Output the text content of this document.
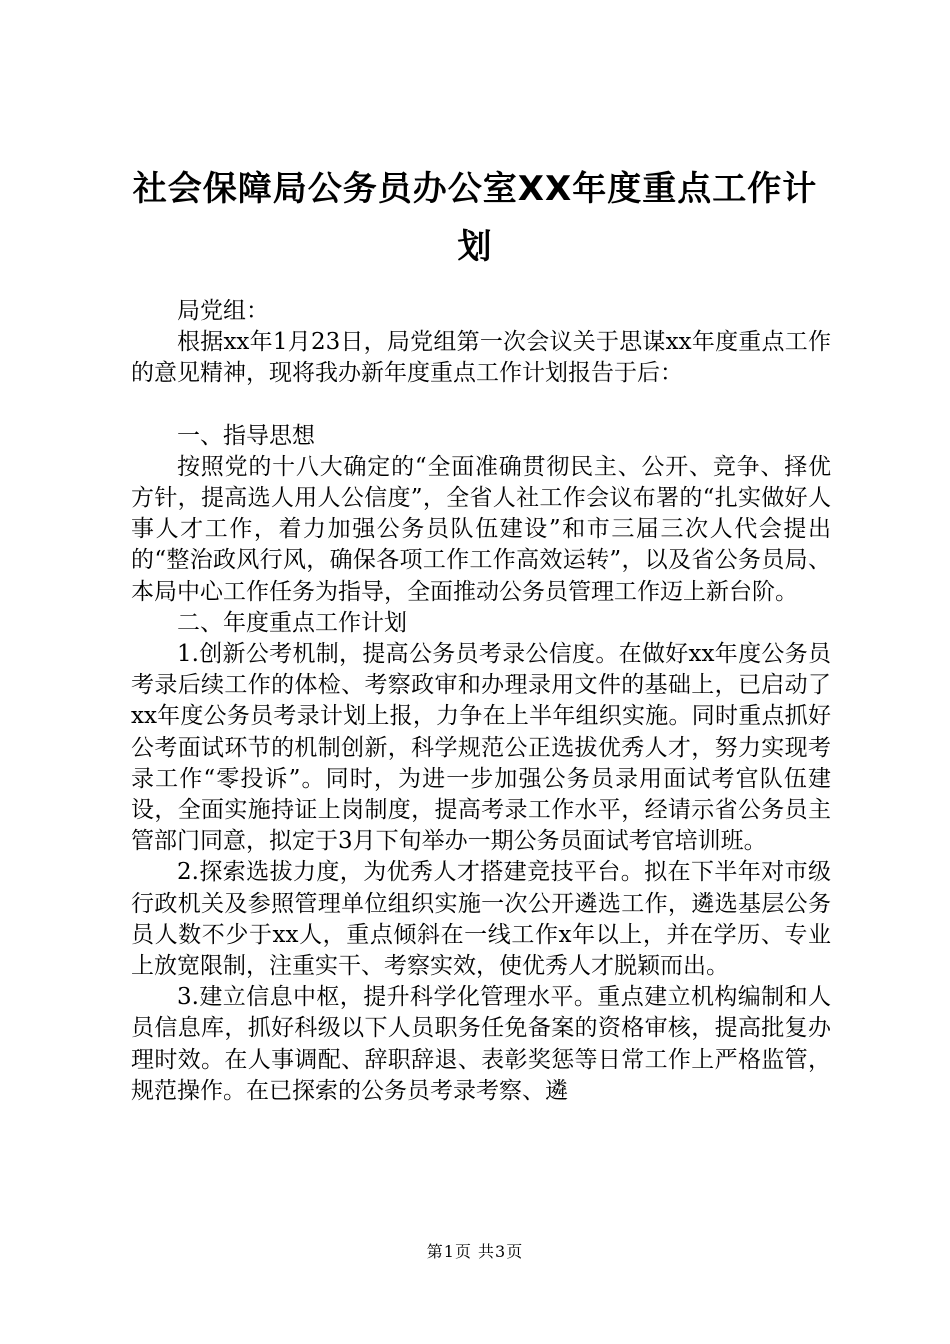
社会保障局公务员办公室XX年度重点工作计划

局党组：

根据xx年1月23日，局党组第一次会议关于思谋xx年度重点工作的意见精神，现将我办新年度重点工作计划报告于后：

一、指导思想

按照党的十八大确定的“全面准确贯彻民主、公开、竞争、择优方针，提高选人用人公信度”，全省人社工作会议布署的“扎实做好人事人才工作，着力加强公务员队伍建设”和市三届三次人代会提出的“整治政风行风，确保各项工作工作高效运转”，以及省公务员局、本局中心工作任务为指导，全面推动公务员管理工作迈上新台阶。

二、年度重点工作计划

1.创新公考机制，提高公务员考录公信度。在做好xx年度公务员考录后续工作的体检、考察政审和办理录用文件的基础上，已启动了xx年度公务员考录计划上报，力争在上半年组织实施。同时重点抓好公考面试环节的机制创新，科学规范公正选拔优秀人才，努力实现考录工作“零投诉”。同时，为进一步加强公务员录用面试考官队伍建设，全面实施持证上岗制度，提高考录工作水平，经请示省公务员主管部门同意，拟定于3月下旬举办一期公务员面试考官培训班。

2.探索选拔力度，为优秀人才搭建竞技平台。拟在下半年对市级行政机关及参照管理单位组织实施一次公开遴选工作，遴选基层公务员人数不少于xx人，重点倾斜在一线工作x年以上，并在学历、专业上放宽限制，注重实干、考察实效，使优秀人才脱颖而出。

3.建立信息中枢，提升科学化管理水平。重点建立机构编制和人员信息库，抓好科级以下人员职务任免备案的资格审核，提高批复办理时效。在人事调配、辞职辞退、表彰奖惩等日常工作上严格监管，规范操作。在已探索的公务员考录考察、遴

第1页 共3页
